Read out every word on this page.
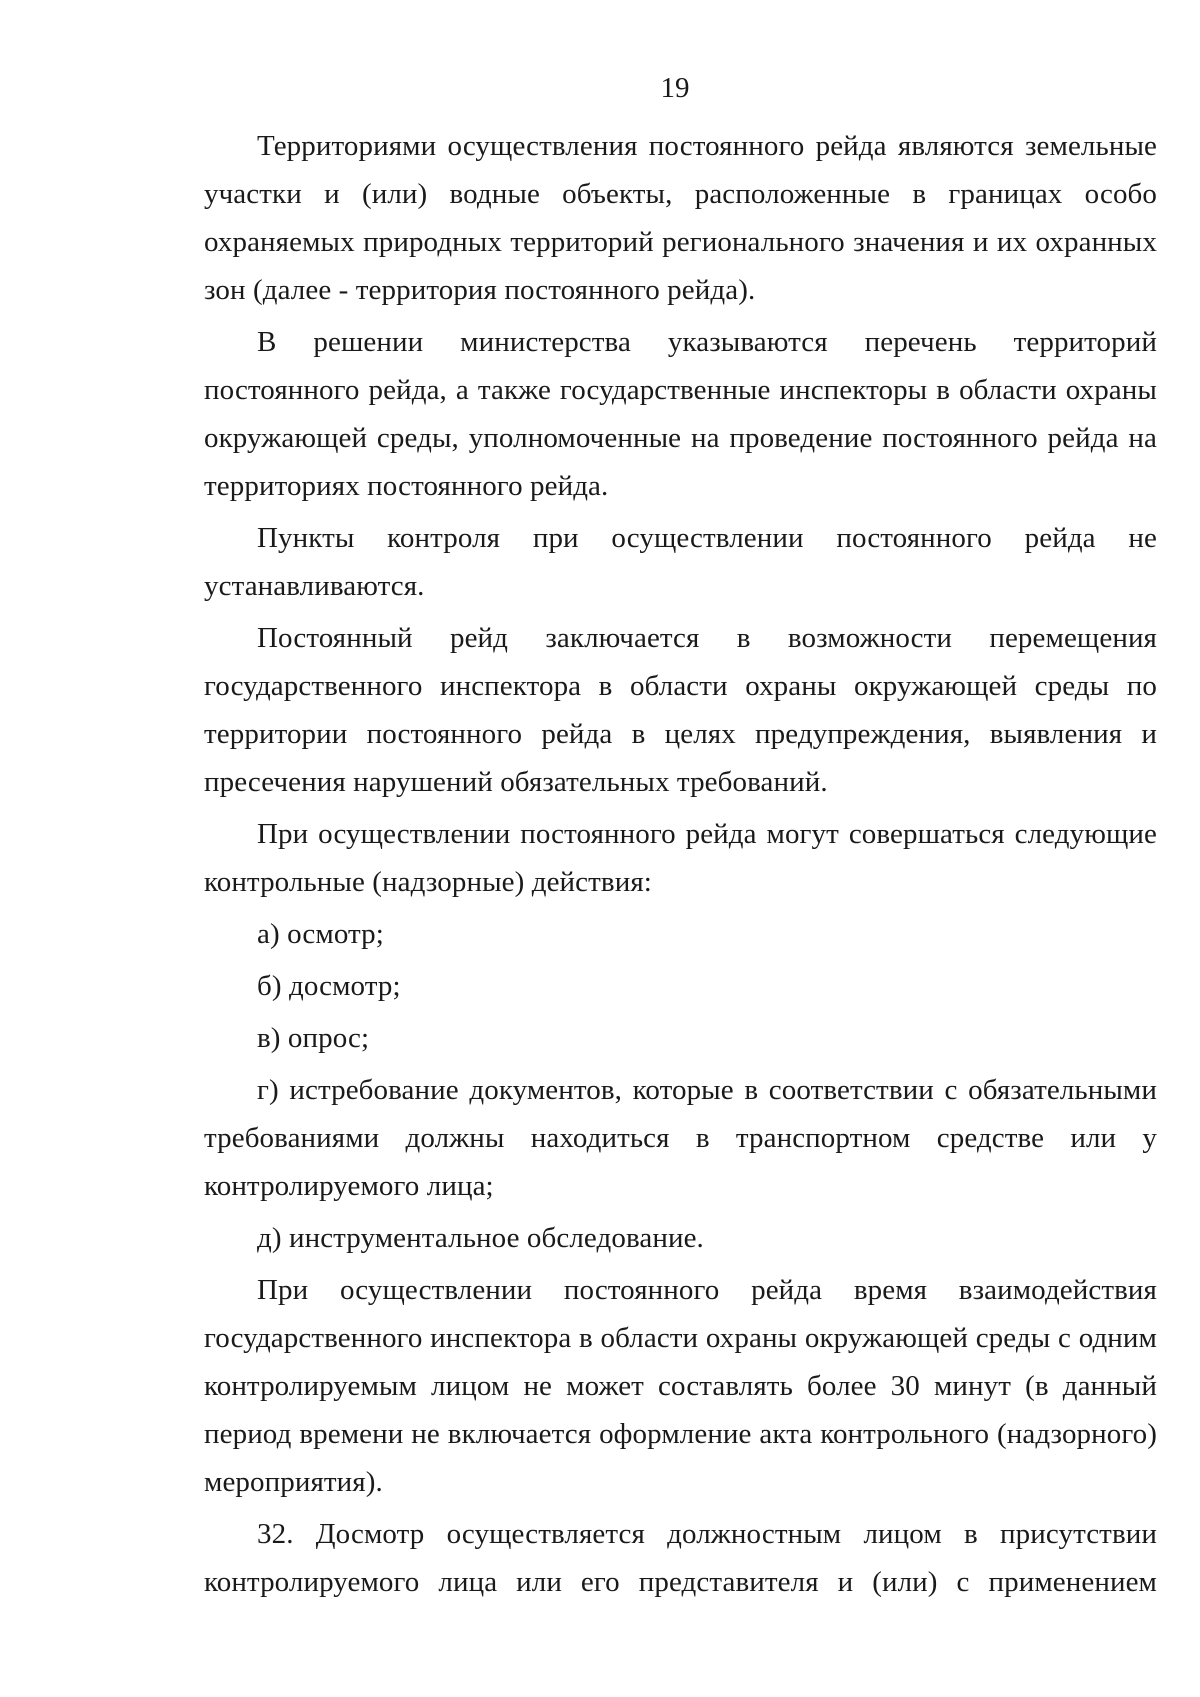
19

Территориями осуществления постоянного рейда являются земельные участки и (или) водные объекты, расположенные в границах особо охраняемых природных территорий регионального значения и их охранных зон (далее - территория постоянного рейда).

В решении министерства указываются перечень территорий постоянного рейда, а также государственные инспекторы в области охраны окружающей среды, уполномоченные на проведение постоянного рейда на территориях постоянного рейда.

Пункты контроля при осуществлении постоянного рейда не устанавливаются.

Постоянный рейд заключается в возможности перемещения государственного инспектора в области охраны окружающей среды по территории постоянного рейда в целях предупреждения, выявления и пресечения нарушений обязательных требований.

При осуществлении постоянного рейда могут совершаться следующие контрольные (надзорные) действия:

а) осмотр;

б) досмотр;

в) опрос;

г) истребование документов, которые в соответствии с обязательными требованиями должны находиться в транспортном средстве или у контролируемого лица;

д) инструментальное обследование.

При осуществлении постоянного рейда время взаимодействия государственного инспектора в области охраны окружающей среды с одним контролируемым лицом не может составлять более 30 минут (в данный период времени не включается оформление акта контрольного (надзорного) мероприятия).

32. Досмотр осуществляется должностным лицом в присутствии контролируемого лица или его представителя и (или) с применением
